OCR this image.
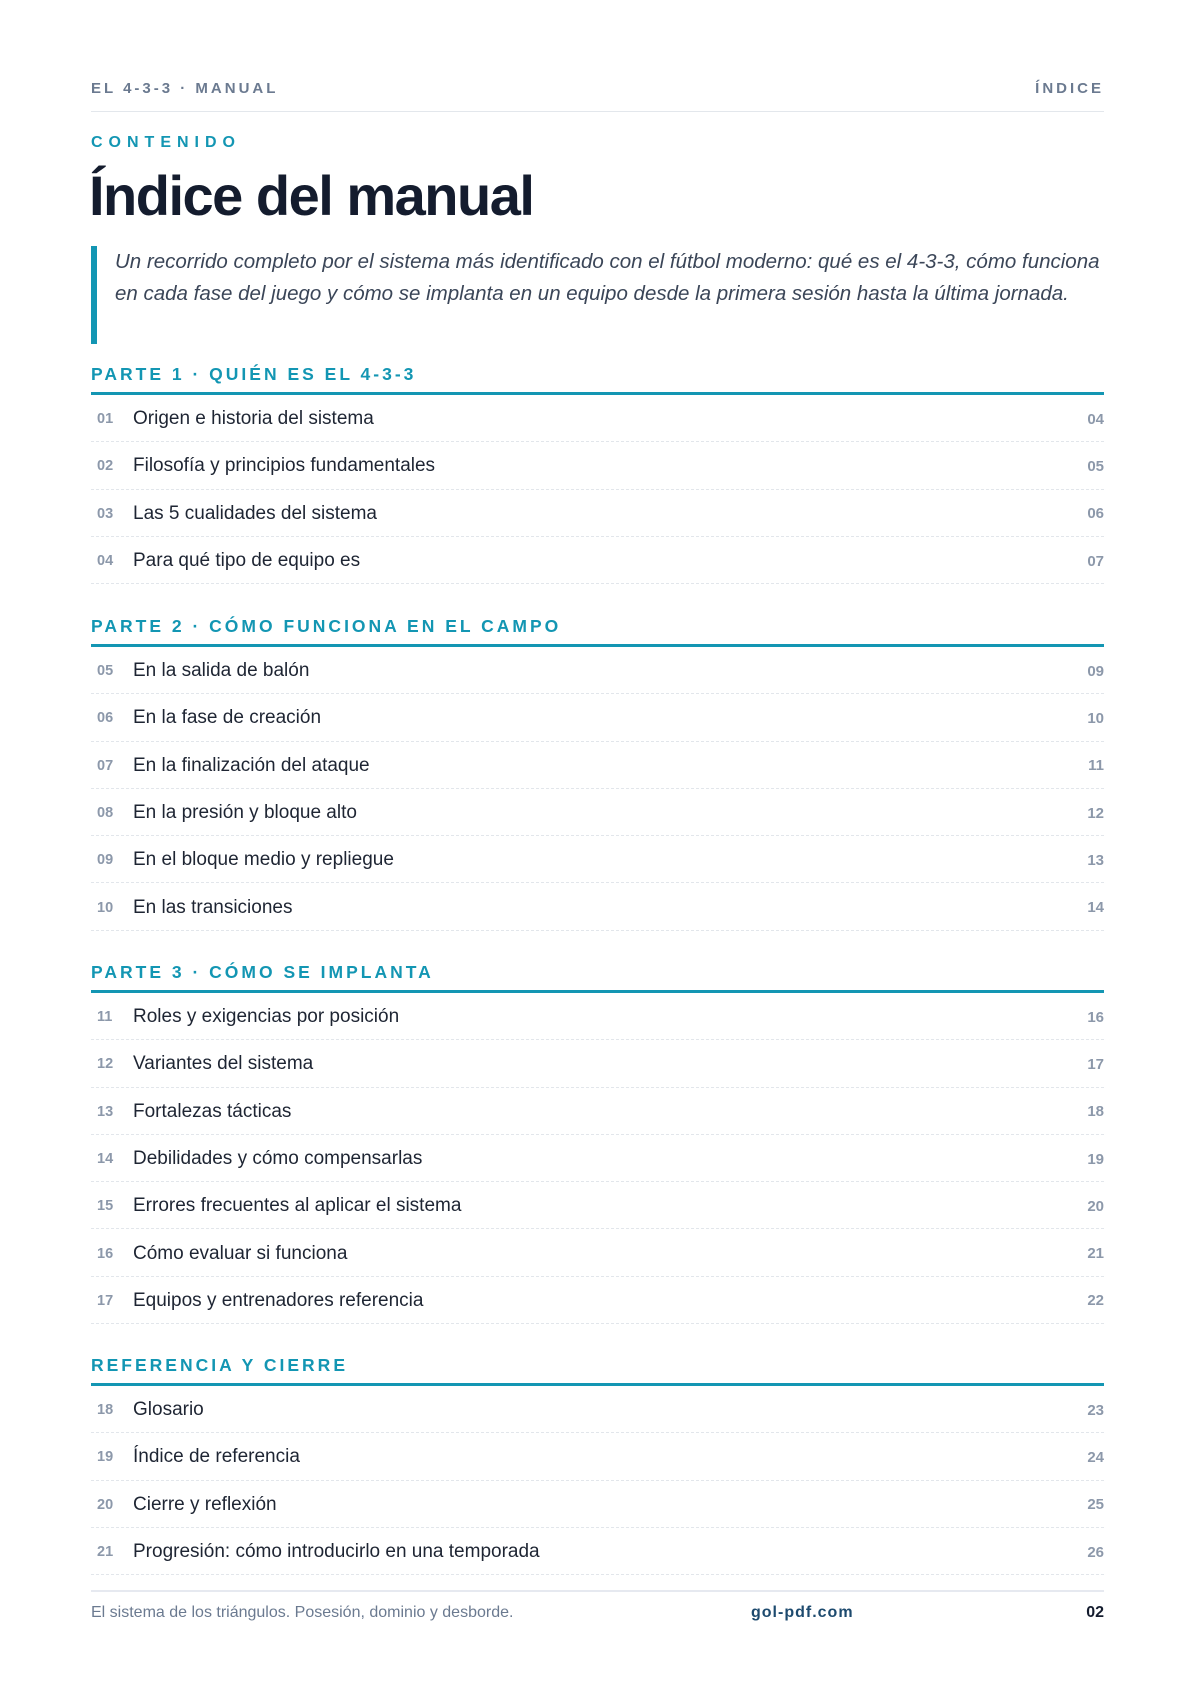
EL 4-3-3 · MANUAL	ÍNDICE
CONTENIDO
Índice del manual

Un recorrido completo por el sistema más identificado con el fútbol moderno: qué es el 4-3-3, cómo funciona en cada fase del juego y cómo se implanta en un equipo desde la primera sesión hasta la última jornada.

PARTE 1 · QUIÉN ES EL 4-3-3
01	Origen e historia del sistema	04
02	Filosofía y principios fundamentales	05
03	Las 5 cualidades del sistema	06
04	Para qué tipo de equipo es	07
PARTE 2 · CÓMO FUNCIONA EN EL CAMPO
05	En la salida de balón	09
06	En la fase de creación	10
07	En la finalización del ataque	11
08	En la presión y bloque alto	12
09	En el bloque medio y repliegue	13
10	En las transiciones	14
PARTE 3 · CÓMO SE IMPLANTA
11	Roles y exigencias por posición	16
12	Variantes del sistema	17
13	Fortalezas tácticas	18
14	Debilidades y cómo compensarlas	19
15	Errores frecuentes al aplicar el sistema	20
16	Cómo evaluar si funciona	21
17	Equipos y entrenadores referencia	22
REFERENCIA Y CIERRE
18	Glosario	23
19	Índice de referencia	24
20	Cierre y reflexión	25
21	Progresión: cómo introducirlo en una temporada	26
El sistema de los triángulos. Posesión, dominio y desborde.	gol-pdf.com	02
